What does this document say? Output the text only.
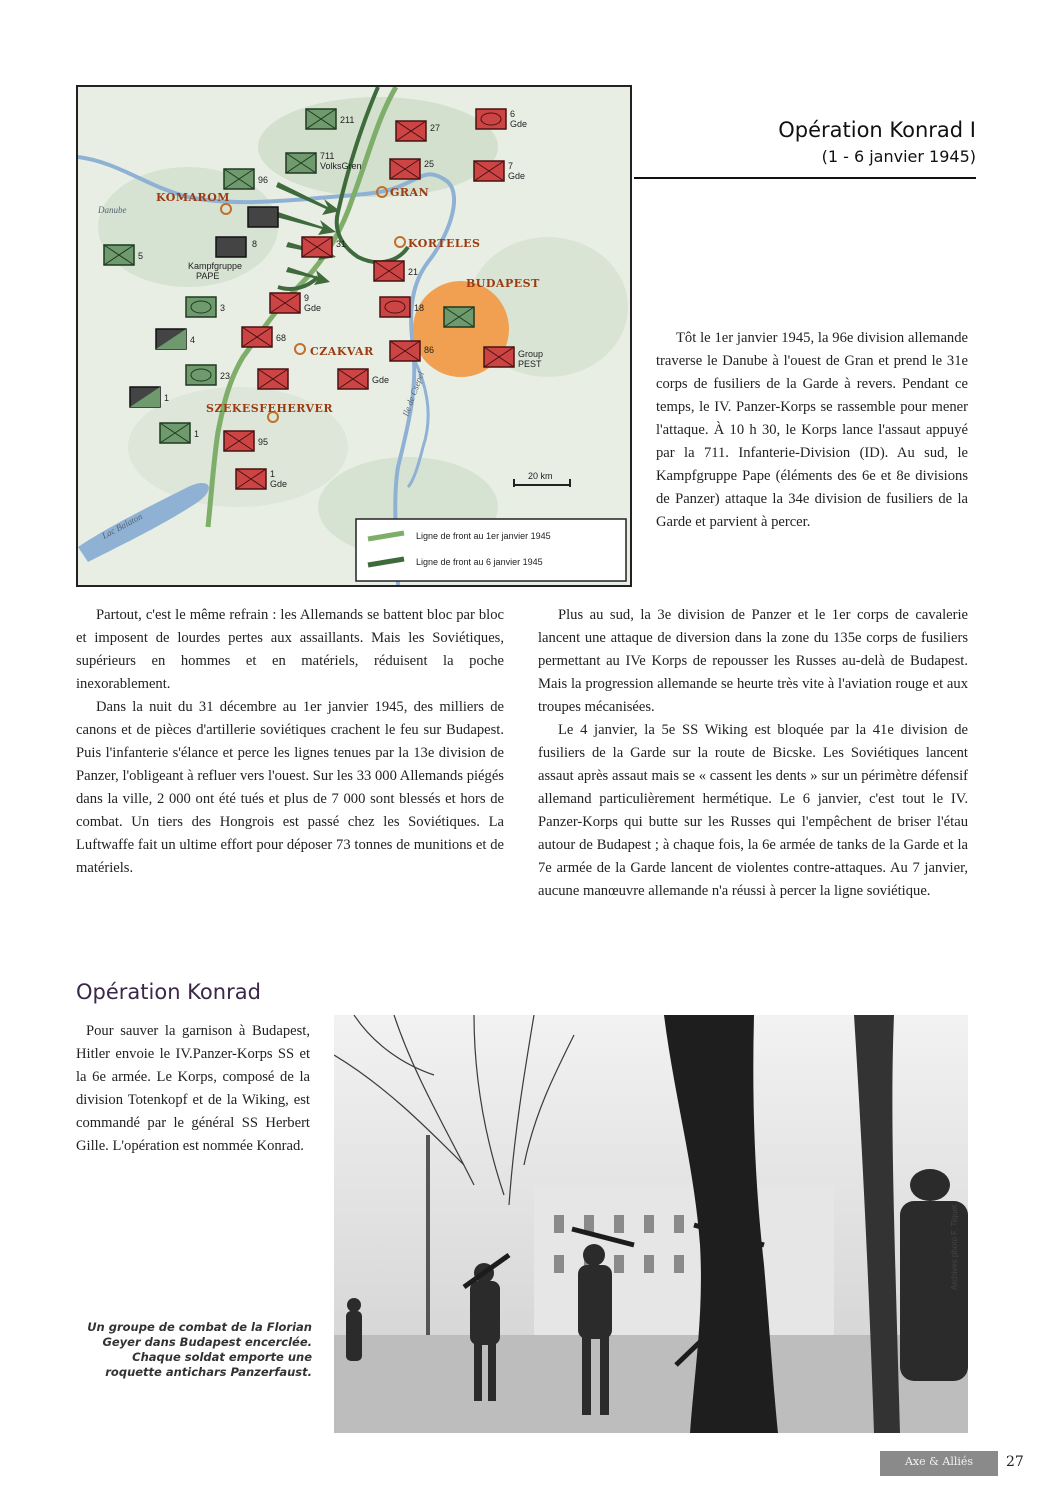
KOMAROM	GRAN
KORTELES
BUDAPEST
CZAKVAR
SZEKESFEHERVER
Danube
Lac Balaton
Ile de Csepel
20 km
211
711
VolksGren
96
8
Kampfgruppe
PAPE
5
3
4
23
1
1
27
6
Gde
25	7
Gde
31
21
18
9
Gde
68
86	Group
PEST
Gde
95
1
Gde
Ligne de front au 1er janvier 1945
Ligne de front au 6 janvier 1945
Opération Konrad I
(1 - 6 janvier 1945)

Tôt le 1er janvier 1945, la 96e division allemande traverse le Danube à l'ouest de Gran et prend le 31e corps de fusiliers de la Garde à revers. Pendant ce temps, le IV. Panzer-Korps se rassemble pour mener l'attaque. À 10 h 30, le Korps lance l'assaut appuyé par la 711. Infanterie-Division (ID). Au sud, le Kampfgruppe Pape (éléments des 6e et 8e divisions de Panzer) attaque la 34e division de fusiliers de la Garde et parvient à percer.

Partout, c'est le même refrain : les Allemands se battent bloc par bloc et imposent de lourdes pertes aux assaillants. Mais les Soviétiques, supérieurs en hommes et en matériels, réduisent la poche inexorablement.

Dans la nuit du 31 décembre au 1er janvier 1945, des milliers de canons et de pièces d'artillerie soviétiques crachent le feu sur Budapest. Puis l'infanterie s'élance et perce les lignes tenues par la 13e division de Panzer, l'obligeant à refluer vers l'ouest. Sur les 33 000 Allemands piégés dans la ville, 2 000 ont été tués et plus de 7 000 sont blessés et hors de combat. Un tiers des Hongrois est passé chez les Soviétiques. La Luftwaffe fait un ultime effort pour déposer 73 tonnes de munitions et de matériels.

Plus au sud, la 3e division de Panzer et le 1er corps de cavalerie lancent une attaque de diversion dans la zone du 135e corps de fusiliers permettant au IVe Korps de repousser les Russes au-delà de Budapest. Mais la progression allemande se heurte très vite à l'aviation rouge et aux troupes mécanisées.

Le 4 janvier, la 5e SS Wiking est bloquée par la 41e division de fusiliers de la Garde sur la route de Bicske. Les Soviétiques lancent assaut après assaut mais se « cassent les dents » sur un périmètre défensif allemand particulièrement hermétique. Le 6 janvier, c'est tout le IV. Panzer-Korps qui butte sur les Russes qui l'empêchent de briser l'étau autour de Budapest ; à chaque fois, la 6e armée de tanks de la Garde et la 7e armée de la Garde lancent de violentes contre-attaques. Au 7 janvier, aucune manœuvre allemande n'a réussi à percer la ligne soviétique.

Opération Konrad

Pour sauver la garnison à Budapest, Hitler envoie le IV.Panzer-Korps SS et la 6e armée. Le Korps, composé de la division Totenkopf et de la Wiking, est commandé par le général SS Herbert Gille. L'opération est nommée Konrad.

Archives photo F. Tiquet
Un groupe de combat de la Florian Geyer dans Budapest encerclée. Chaque soldat emporte une roquette antichars Panzerfaust.
Axe & Alliés	27
